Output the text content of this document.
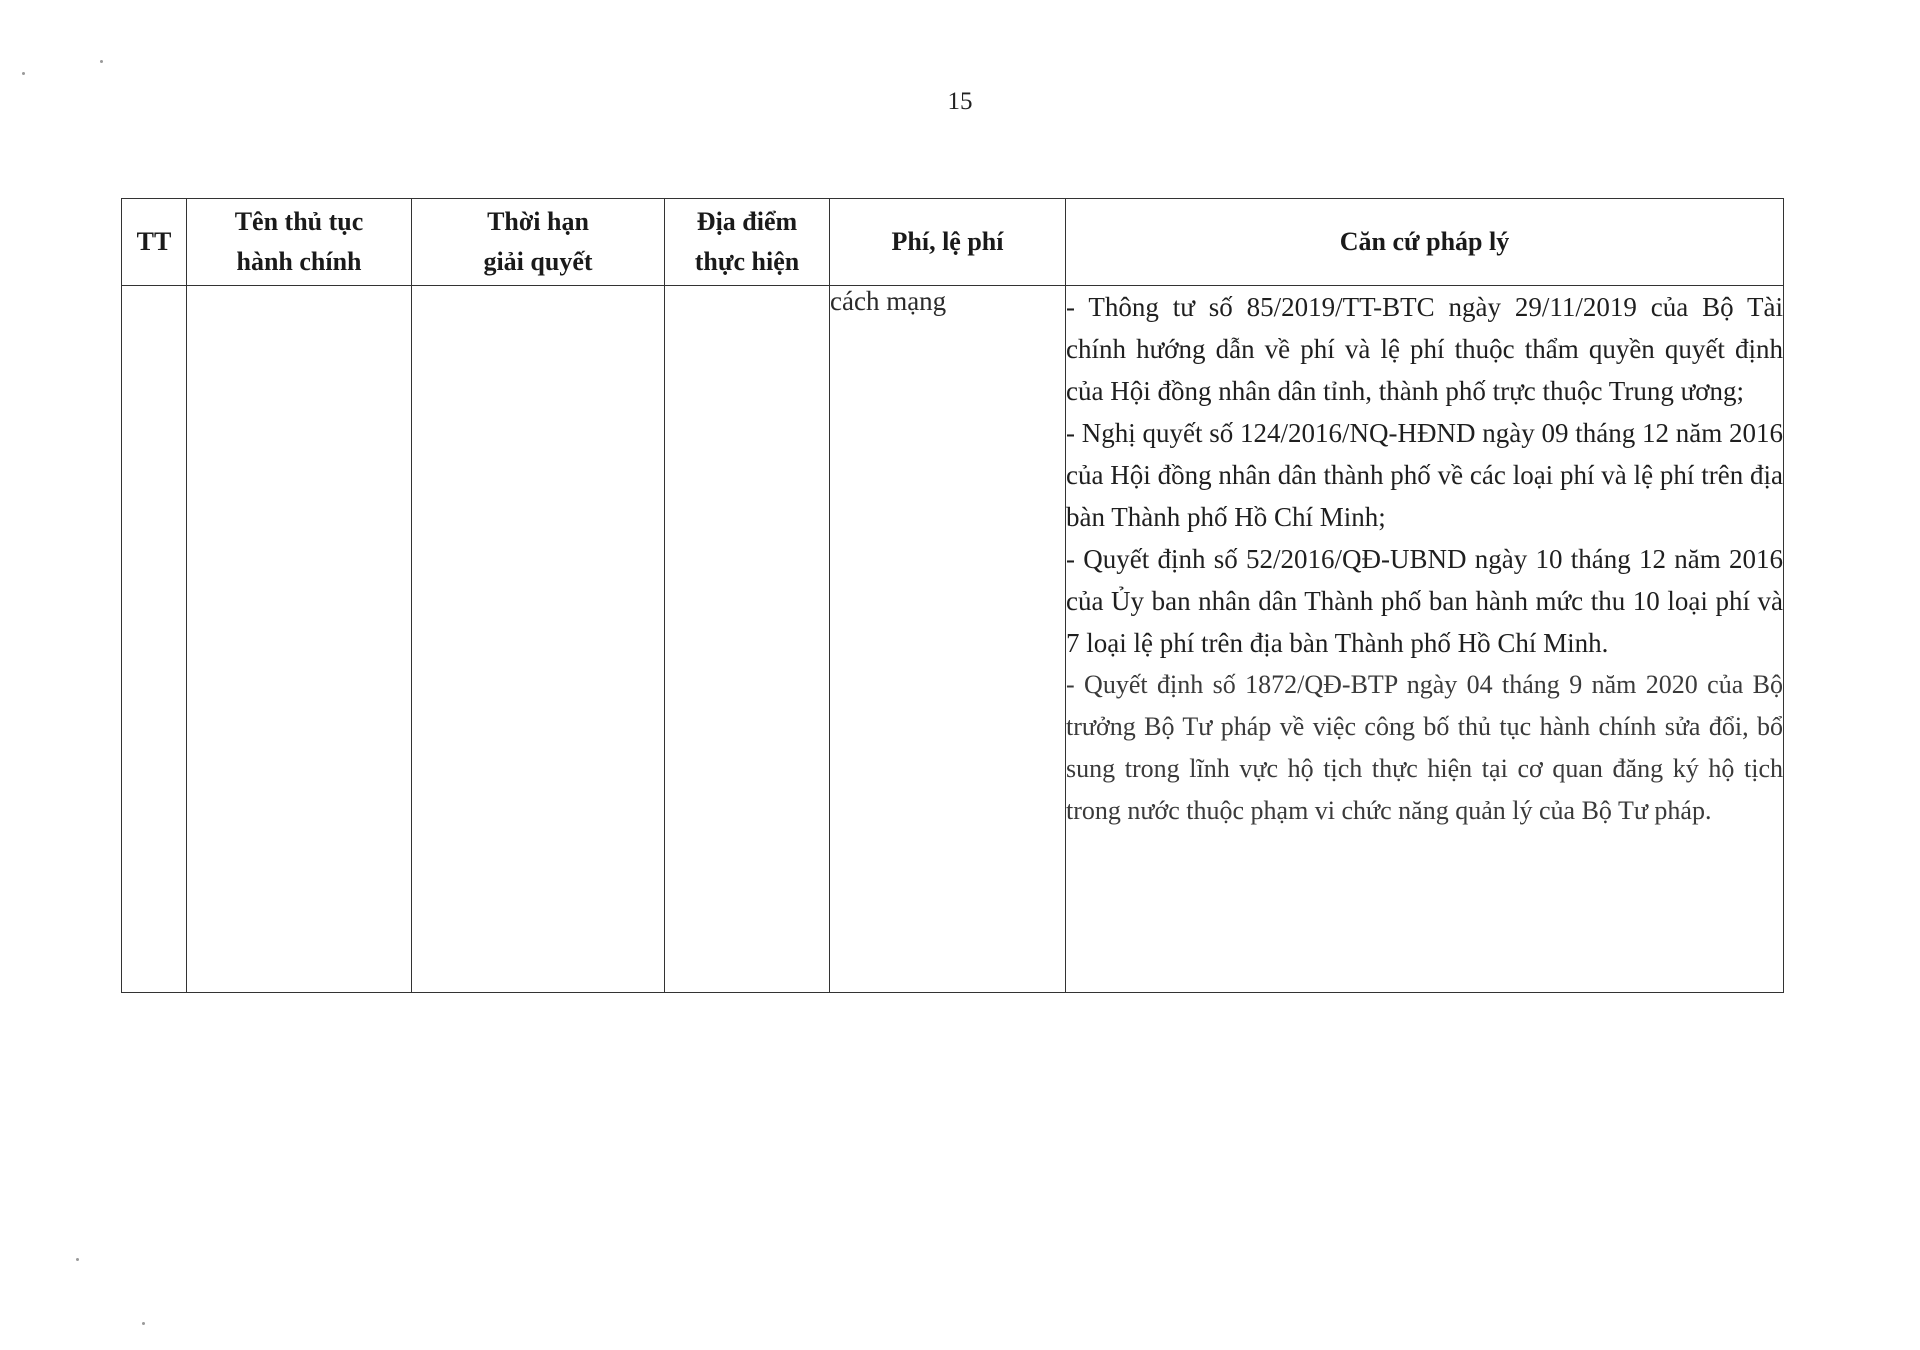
15
TT	Tên thủ tục hành chính	Thời hạn giải quyết	Địa điểm thực hiện	Phí, lệ phí	Căn cứ pháp lý
				cách mạng	- Thông tư số 85/2019/TT-BTC ngày 29/11/2019 của Bộ Tài chính hướng dẫn về phí và lệ phí thuộc thẩm quyền quyết định của Hội đồng nhân dân tỉnh, thành phố trực thuộc Trung ương;
- Nghị quyết số 124/2016/NQ-HĐND ngày 09 tháng 12 năm 2016 của Hội đồng nhân dân thành phố về các loại phí và lệ phí trên địa bàn Thành phố Hồ Chí Minh;
- Quyết định số 52/2016/QĐ-UBND ngày 10 tháng 12 năm 2016 của Ủy ban nhân dân Thành phố ban hành mức thu 10 loại phí và 7 loại lệ phí trên địa bàn Thành phố Hồ Chí Minh.
- Quyết định số 1872/QĐ-BTP ngày 04 tháng 9 năm 2020 của Bộ trưởng Bộ Tư pháp về việc công bố thủ tục hành chính sửa đổi, bổ sung trong lĩnh vực hộ tịch thực hiện tại cơ quan đăng ký hộ tịch trong nước thuộc phạm vi chức năng quản lý của Bộ Tư pháp.
